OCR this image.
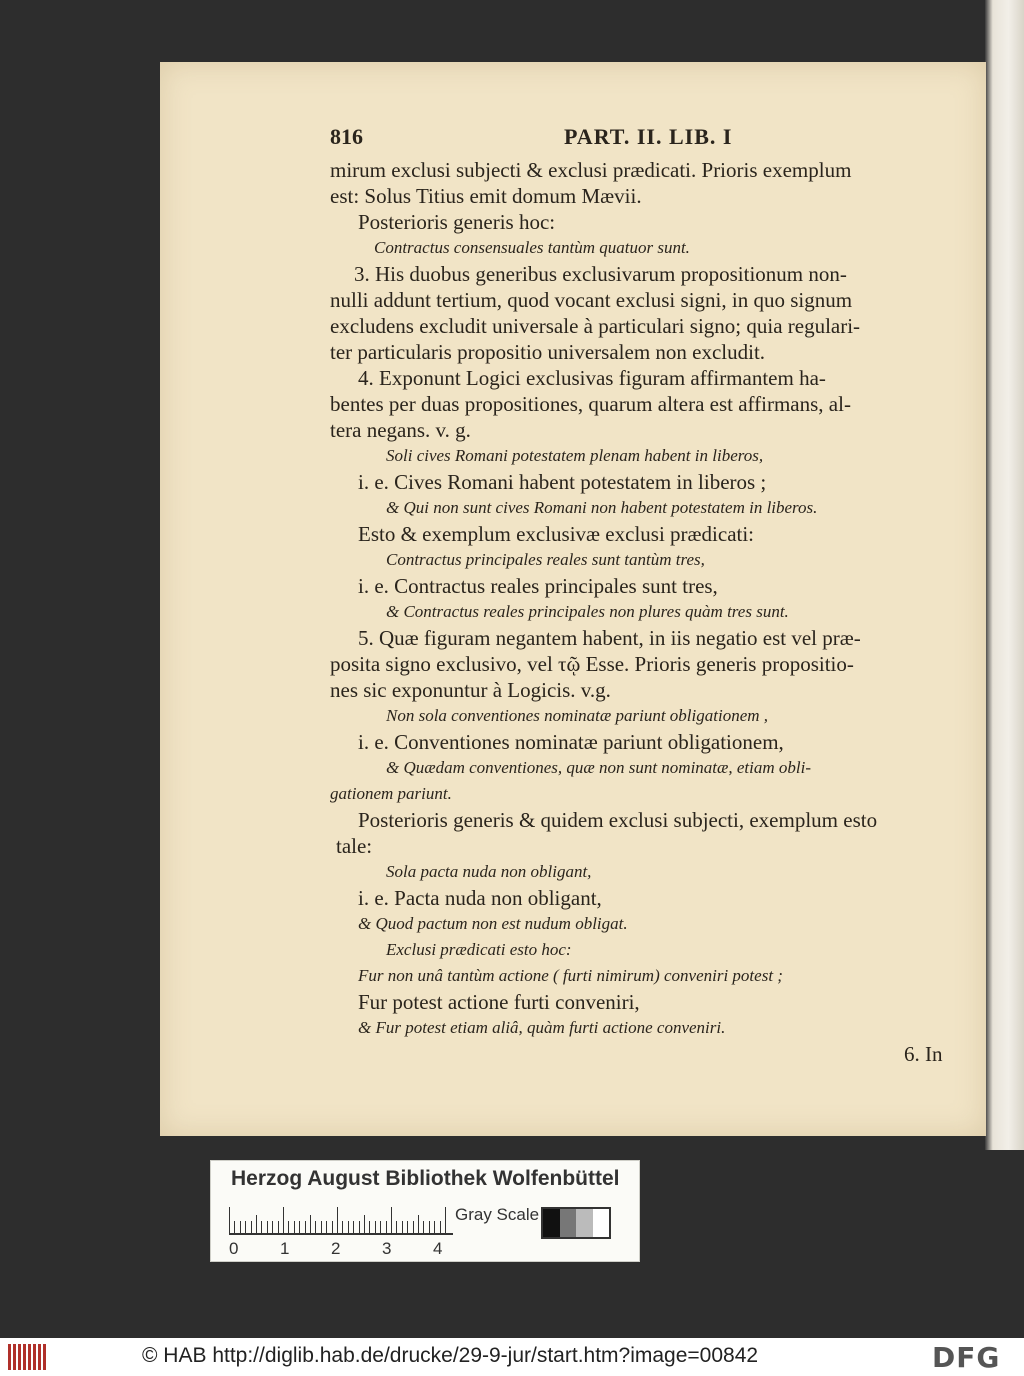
816	PART. II. LIB. I
mirum exclusi subjecti & exclusi prædicati. Prioris exemplum
est: Solus Titius emit domum Mævii.
Posterioris generis hoc:
Contractus consensuales tantùm quatuor sunt.
3. His duobus generibus exclusivarum propositionum non-
nulli addunt tertium, quod vocant exclusi signi, in quo signum
excludens excludit universale à particulari signo; quia regulari-
ter particularis propositio universalem non excludit.
4. Exponunt Logici exclusivas figuram affirmantem ha-
bentes per duas propositiones, quarum altera est affirmans, al-
tera negans. v. g.
Soli cives Romani potestatem plenam habent in liberos,
i. e. Cives Romani habent potestatem in liberos ;
& Qui non sunt cives Romani non habent potestatem in liberos.
Esto & exemplum exclusivæ exclusi prædicati:
Contractus principales reales sunt tantùm tres,
i. e. Contractus reales principales sunt tres,
& Contractus reales principales non plures quàm tres sunt.
5. Quæ figuram negantem habent, in iis negatio est vel præ-
posita signo exclusivo, vel τῷ Esse. Prioris generis propositio-
nes sic exponuntur à Logicis. v.g.
Non sola conventiones nominatæ pariunt obligationem ,
i. e. Conventiones nominatæ pariunt obligationem,
& Quædam conventiones, quæ non sunt nominatæ, etiam obli-
gationem pariunt.
Posterioris generis & quidem exclusi subjecti, exemplum esto
tale:
Sola pacta nuda non obligant,
i. e. Pacta nuda non obligant,
& Quod pactum non est nudum obligat.
Exclusi prædicati esto hoc:
Fur non unâ tantùm actione ( furti nimirum) conveniri potest ;
Fur potest actione furti conveniri,
& Fur potest etiam aliâ, quàm furti actione conveniri.
6. In
Herzog August Bibliothek Wolfenbüttel
0 1 2 3 4
Gray Scale
© HAB http://diglib.hab.de/drucke/29-9-jur/start.htm?image=00842	DFG
